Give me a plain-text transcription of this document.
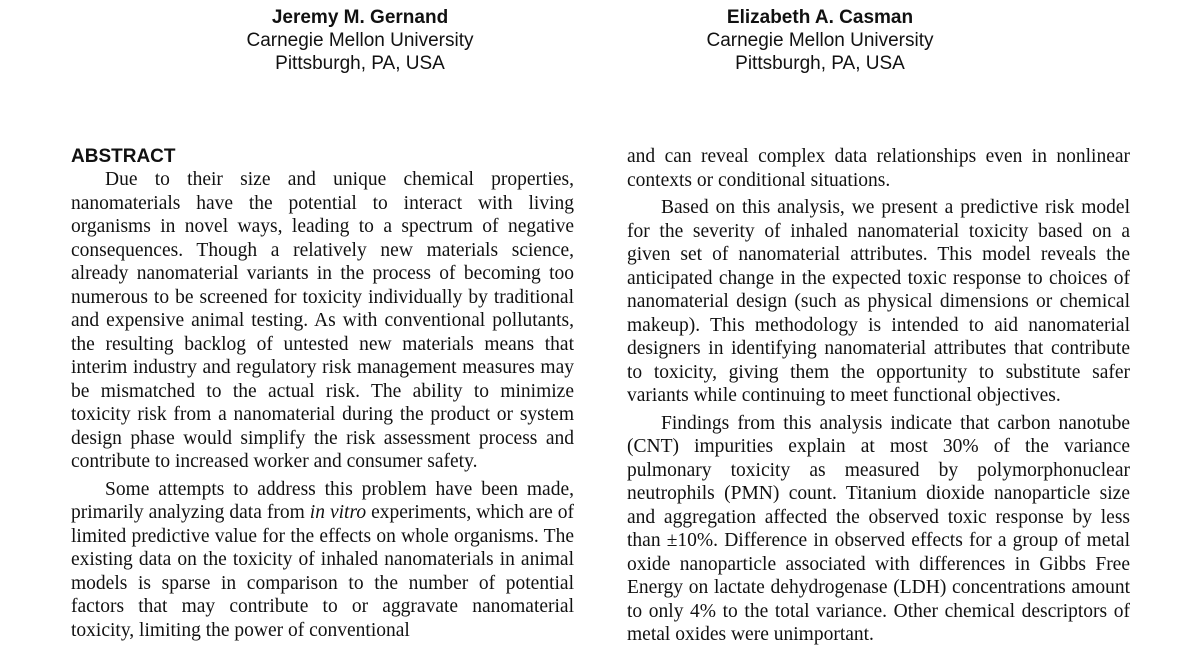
Jeremy M. Gernand
Carnegie Mellon University
Pittsburgh, PA, USA
Elizabeth A. Casman
Carnegie Mellon University
Pittsburgh, PA, USA
ABSTRACT

Due to their size and unique chemical properties, nanomaterials have the potential to interact with living organisms in novel ways, leading to a spectrum of negative consequences. Though a relatively new materials science, already nanomaterial variants in the process of becoming too numerous to be screened for toxicity individually by traditional and expensive animal testing. As with conventional pollutants, the resulting backlog of untested new materials means that interim industry and regulatory risk management measures may be mismatched to the actual risk. The ability to minimize toxicity risk from a nanomaterial during the product or system design phase would simplify the risk assessment process and contribute to increased worker and consumer safety.

Some attempts to address this problem have been made, primarily analyzing data from in vitro experiments, which are of limited predictive value for the effects on whole organisms. The existing data on the toxicity of inhaled nanomaterials in animal models is sparse in comparison to the number of potential factors that may contribute to or aggravate nanomaterial toxicity, limiting the power of conventional

and can reveal complex data relationships even in nonlinear contexts or conditional situations.

Based on this analysis, we present a predictive risk model for the severity of inhaled nanomaterial toxicity based on a given set of nanomaterial attributes. This model reveals the anticipated change in the expected toxic response to choices of nanomaterial design (such as physical dimensions or chemical makeup). This methodology is intended to aid nanomaterial designers in identifying nanomaterial attributes that contribute to toxicity, giving them the opportunity to substitute safer variants while continuing to meet functional objectives.

Findings from this analysis indicate that carbon nanotube (CNT) impurities explain at most 30% of the variance pulmonary toxicity as measured by polymorphonuclear neutrophils (PMN) count. Titanium dioxide nanoparticle size and aggregation affected the observed toxic response by less than ±10%. Difference in observed effects for a group of metal oxide nanoparticle associated with differences in Gibbs Free Energy on lactate dehydrogenase (LDH) concentrations amount to only 4% to the total variance. Other chemical descriptors of metal oxides were unimportant.
